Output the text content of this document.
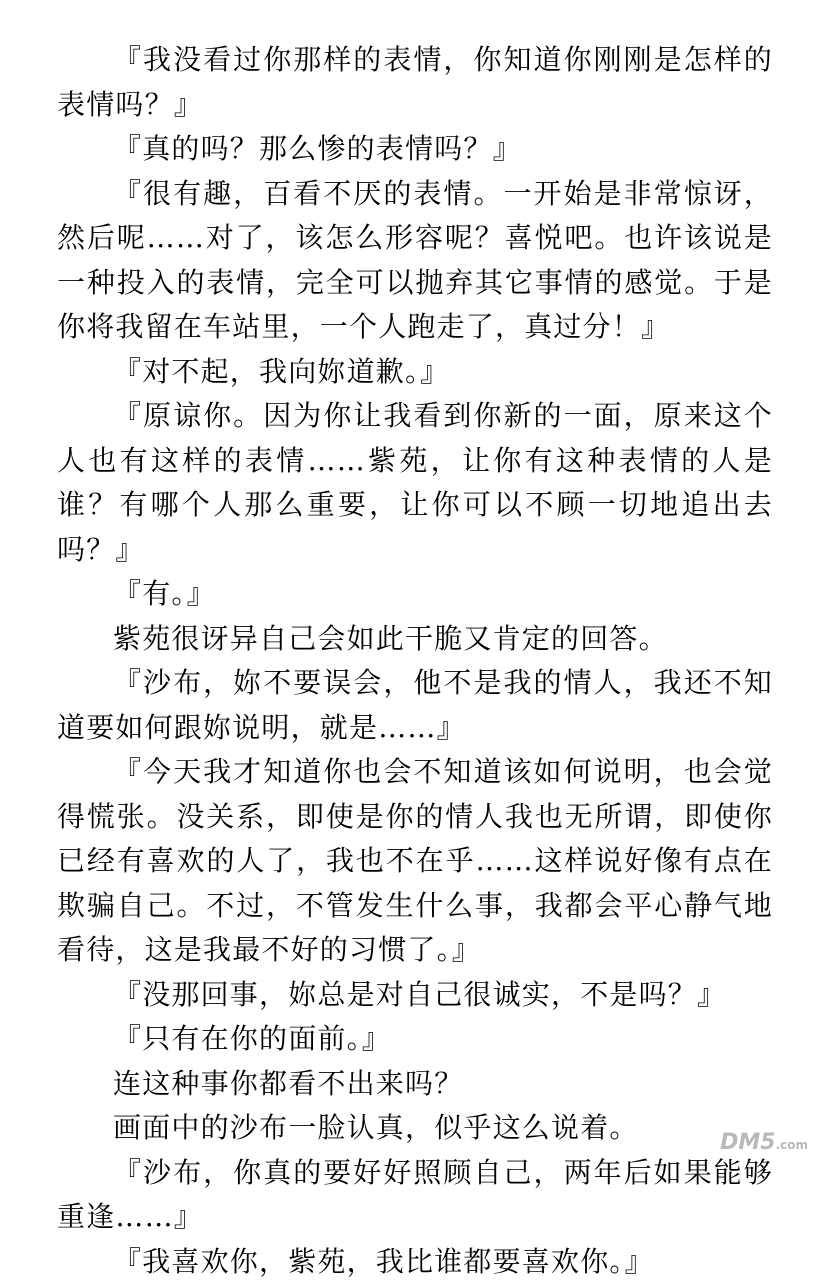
『我没看过你那样的表情，你知道你刚刚是怎样的表情吗？』

『真的吗？那么惨的表情吗？』

『很有趣，百看不厌的表情。一开始是非常惊讶，然后呢……对了，该怎么形容呢？喜悦吧。也许该说是一种投入的表情，完全可以抛弃其它事情的感觉。于是你将我留在车站里，一个人跑走了，真过分！』

『对不起，我向妳道歉。』

『原谅你。因为你让我看到你新的一面，原来这个人也有这样的表情……紫苑，让你有这种表情的人是谁？有哪个人那么重要，让你可以不顾一切地追出去吗？』

『有。』

紫苑很讶异自己会如此干脆又肯定的回答。

『沙布，妳不要误会，他不是我的情人，我还不知道要如何跟妳说明，就是……』

『今天我才知道你也会不知道该如何说明，也会觉得慌张。没关系，即使是你的情人我也无所谓，即使你已经有喜欢的人了，我也不在乎……这样说好像有点在欺骗自己。不过，不管发生什么事，我都会平心静气地看待，这是我最不好的习惯了。』

『没那回事，妳总是对自己很诚实，不是吗？』

『只有在你的面前。』

连这种事你都看不出来吗？

画面中的沙布一脸认真，似乎这么说着。

『沙布，你真的要好好照顾自己，两年后如果能够重逢……』

『我喜欢你，紫苑，我比谁都要喜欢你。』

DM5.com
